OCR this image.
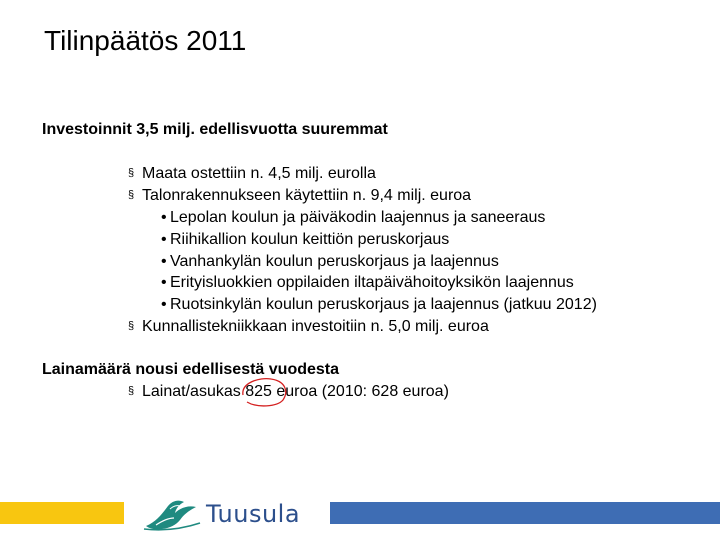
Tilinpäätös 2011
Investoinnit 3,5 milj. edellisvuotta suuremmat
§ Maata ostettiin n. 4,5 milj. eurolla
§ Talonrakennukseen käytettiin n. 9,4 milj. euroa
• Lepolan koulun ja päiväkodin laajennus ja saneeraus
• Riihikallion koulun keittiön peruskorjaus
• Vanhankylän koulun peruskorjaus ja laajennus
• Erityisluokkien oppilaiden iltapäivähoitoyksikön laajennus
• Ruotsinkylän koulun peruskorjaus ja laajennus (jatkuu 2012)
§ Kunnallistekniikkaan investoitiin n. 5,0 milj. euroa
Lainamäärä nousi edellisestä vuodesta
§ Lainat/asukas 825
euroa (2010: 628 euroa)
Tuusula
